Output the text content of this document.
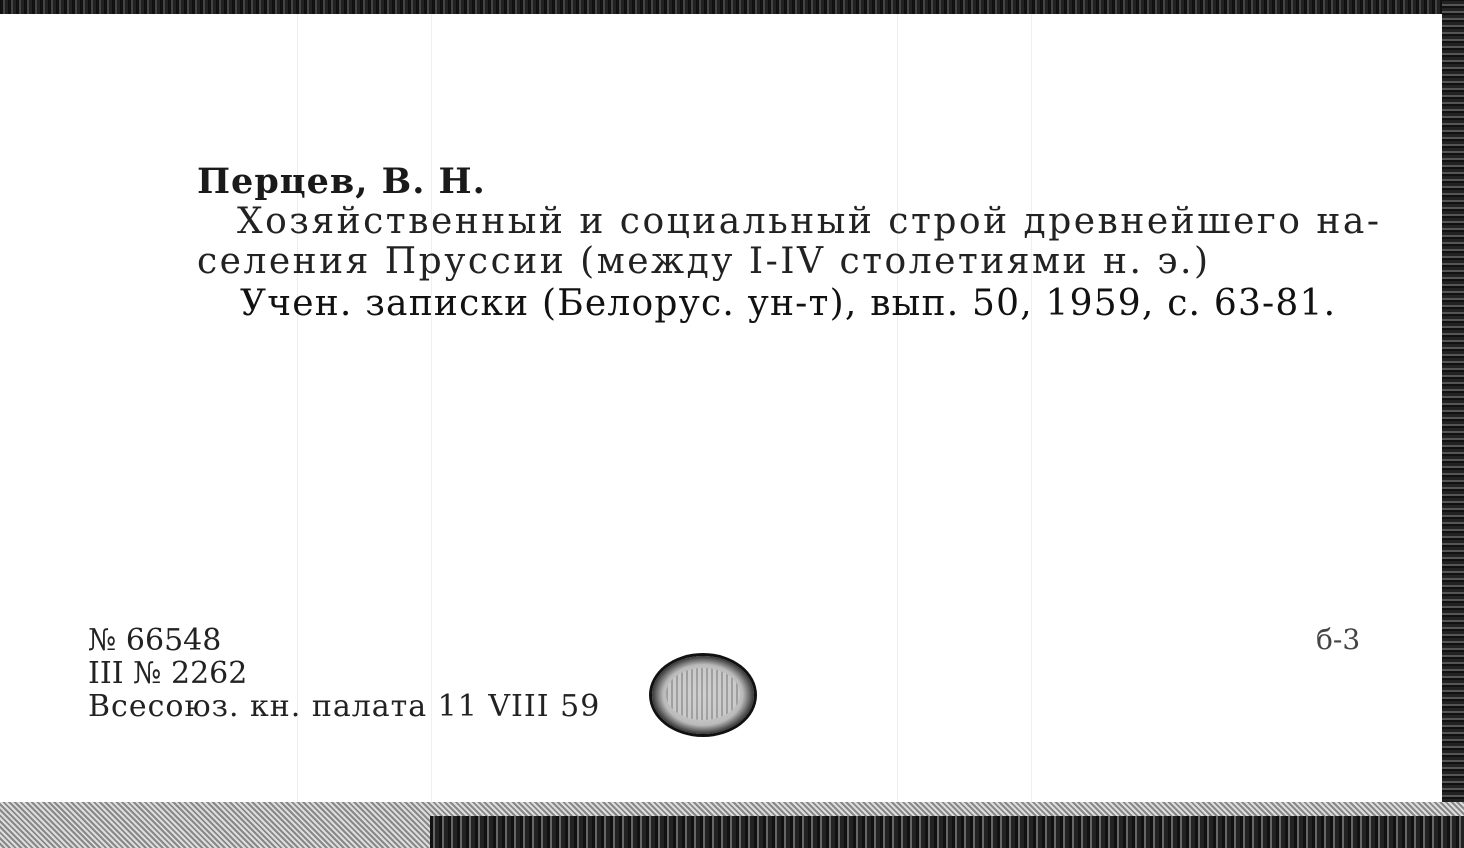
Перцев, В. Н.
Хозяйственный и социальный строй древнейшего на-
селения Пруссии (между I-IV столетиями н. э.)
Учен. записки (Белорус. ун-т), вып. 50, 1959, с. 63-81.
№ 66548
III № 2262
Всесоюз. кн. палата 11 VIII 59
б-3
